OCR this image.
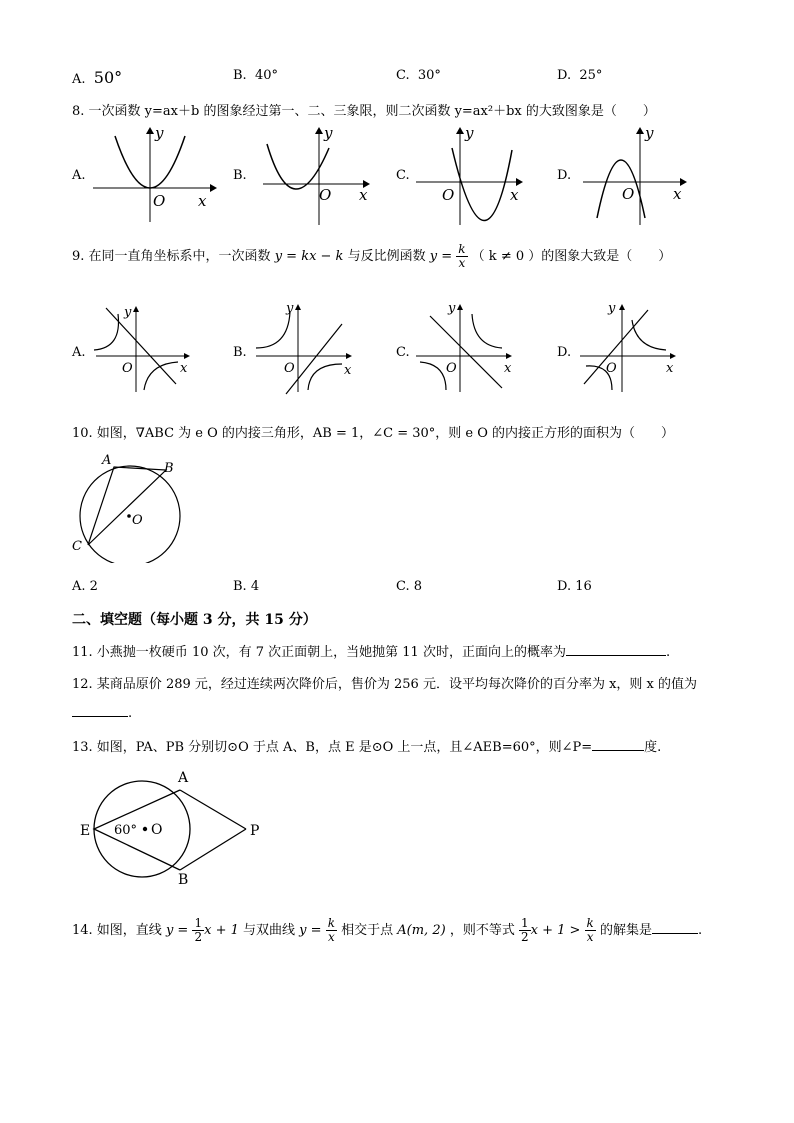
A. 50°	B. 40°	C. 30°	D. 25°
8. 一次函数 y=ax＋b 的图象经过第一、二、三象限，则二次函数 y=ax²＋bx 的大致图象是（　　）
A.	B.	C.	D.
y
O x
y
O x
y
O	x
y
O	x
9. 在同一直角坐标系中，一次函数 y = kx − k 与反比例函数 $y = \frac{k}{x}$ （ k ≠ 0 ）的图象大致是（　　）
A.	B.	C.	D.
y
O	x
y
O	x
y
O	x
y
O	x
10. 如图，∇ABC 为 e O 的内接三角形，AB = 1，∠C = 30°，则 e O 的内接正方形的面积为（　　）
A
B
C
O
A. 2	B. 4	C. 8	D. 16
二、填空题（每小题 3 分，共 15 分）
11. 小燕抛一枚硬币 10 次，有 7 次正面朝上，当她抛第 11 次时，正面向上的概率为	.
12. 某商品原价 289 元，经过连续两次降价后，售价为 256 元．设平均每次降价的百分率为 x，则 x 的值为
.
13. 如图，PA、PB 分别切⊙O 于点 A、B，点 E 是⊙O 上一点，且∠AEB=60°，则∠P=	度.
A
B
E	P
O
60°
14. 如图，直线 $y = \frac{1}{2}$ x + 1 与双曲线 $y = \frac{k}{x}$ 相交于点 A(m, 2) ，则不等式 $\frac{1}{2}$ $x + 1 > \frac{k}{x}$ 的解集是	.
